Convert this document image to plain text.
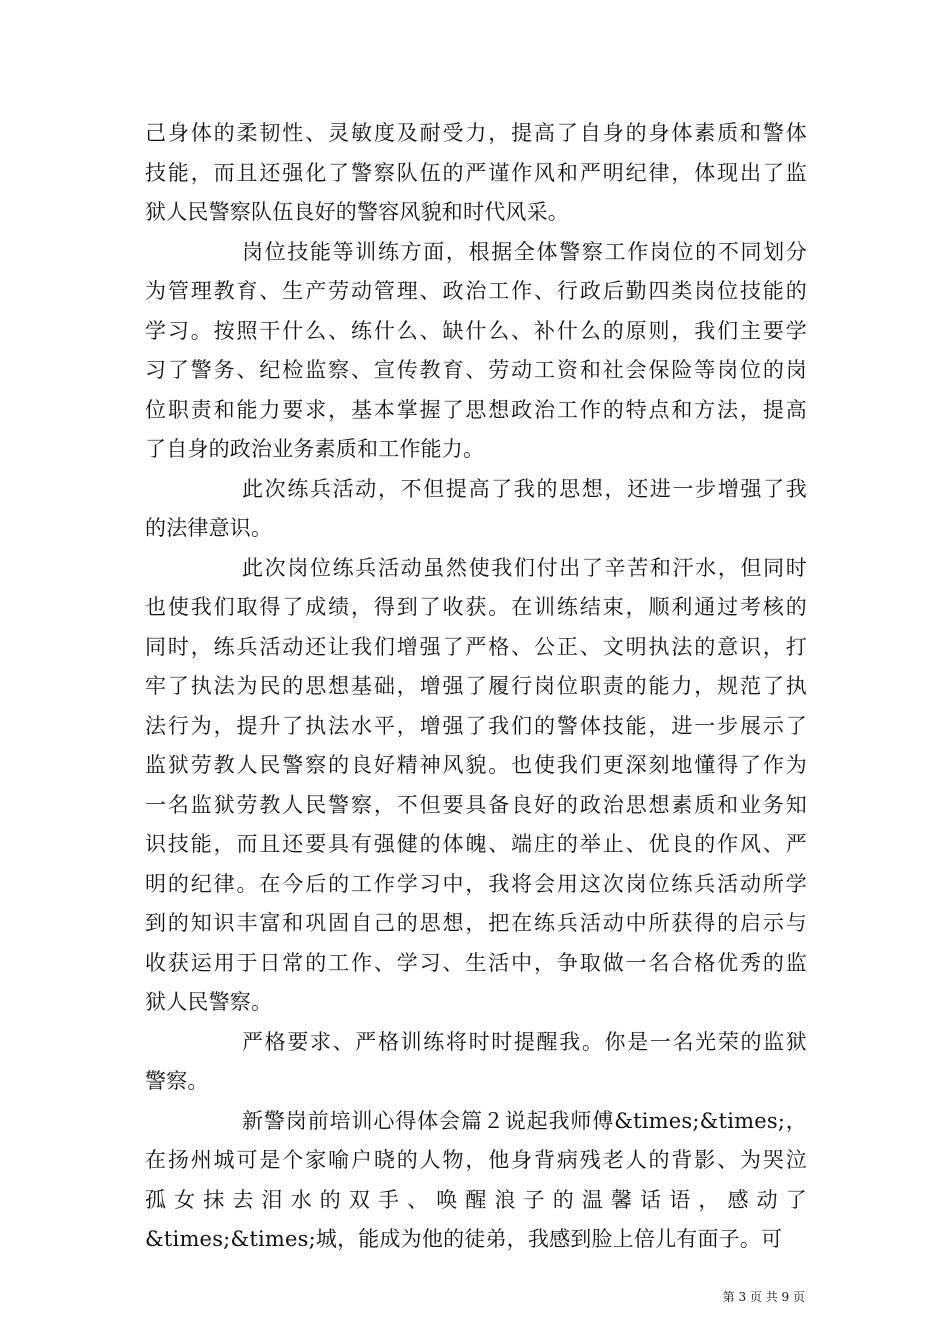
己身体的柔韧性、灵敏度及耐受力，提高了自身的身体素质和警体
技能，而且还强化了警察队伍的严谨作风和严明纪律，体现出了监
狱人民警察队伍良好的警容风貌和时代风采。
岗位技能等训练方面，根据全体警察工作岗位的不同划分
为管理教育、生产劳动管理、政治工作、行政后勤四类岗位技能的
学习。按照干什么、练什么、缺什么、补什么的原则，我们主要学
习了警务、纪检监察、宣传教育、劳动工资和社会保险等岗位的岗
位职责和能力要求，基本掌握了思想政治工作的特点和方法，提高
了自身的政治业务素质和工作能力。
此次练兵活动，不但提高了我的思想，还进一步增强了我
的法律意识。
此次岗位练兵活动虽然使我们付出了辛苦和汗水，但同时
也使我们取得了成绩，得到了收获。在训练结束，顺利通过考核的
同时，练兵活动还让我们增强了严格、公正、文明执法的意识，打
牢了执法为民的思想基础，增强了履行岗位职责的能力，规范了执
法行为，提升了执法水平，增强了我们的警体技能，进一步展示了
监狱劳教人民警察的良好精神风貌。也使我们更深刻地懂得了作为
一名监狱劳教人民警察，不但要具备良好的政治思想素质和业务知
识技能，而且还要具有强健的体魄、端庄的举止、优良的作风、严
明的纪律。在今后的工作学习中，我将会用这次岗位练兵活动所学
到的知识丰富和巩固自己的思想，把在练兵活动中所获得的启示与
收获运用于日常的工作、学习、生活中，争取做一名合格优秀的监
狱人民警察。
严格要求、严格训练将时时提醒我。你是一名光荣的监狱
警察。
新警岗前培训心得体会篇２说起我师傅&times;&times;，
在扬州城可是个家喻户晓的人物，他身背病残老人的背影、为哭泣
孤女抹去泪水的双手、唤醒浪子的温馨话语，感动了
&times;&times;城，能成为他的徒弟，我感到脸上倍儿有面子。可
第 3 页 共 9 页
